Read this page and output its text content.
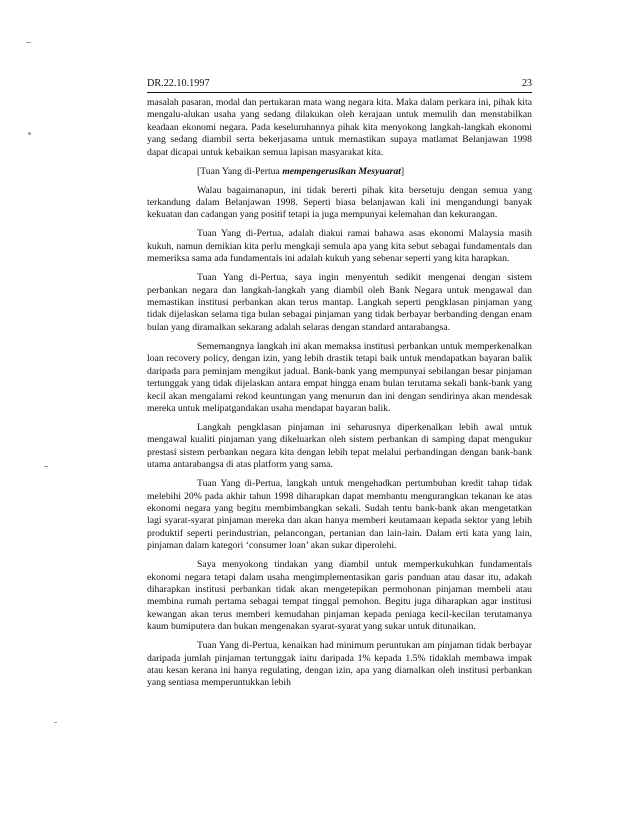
DR.22.10.1997	23

masalah pasaran, modal dan pertukaran mata wang negara kita. Maka dalam perkara ini, pihak kita mengalu-alukan usaha yang sedang dilakukan oleh kerajaan untuk memulih dan menstabilkan keadaan ekonomi negara. Pada keseluruhannya pihak kita menyokong langkah-langkah ekonomi yang sedang diambil serta bekerjasama untuk memastikan supaya matlamat Belanjawan 1998 dapat dicapai untuk kebaikan semua lapisan masyarakat kita.

[Tuan Yang di-Pertua mempengerusikan Mesyuarat]

Walau bagaimanapun, ini tidak bererti pihak kita bersetuju dengan semua yang terkandung dalam Belanjawan 1998. Seperti biasa belanjawan kali ini mengandungi banyak kekuatan dan cadangan yang positif tetapi ia juga mempunyai kelemahan dan kekurangan.

Tuan Yang di-Pertua, adalah diakui ramai bahawa asas ekonomi Malaysia masih kukuh, namun demikian kita perlu mengkaji semula apa yang kita sebut sebagai fundamentals dan memeriksa sama ada fundamentals ini adalah kukuh yang sebenar seperti yang kita harapkan.

Tuan Yang di-Pertua, saya ingin menyentuh sedikit mengenai dengan sistem perbankan negara dan langkah-langkah yang diambil oleh Bank Negara untuk mengawal dan memastikan institusi perbankan akan terus mantap. Langkah seperti pengklasan pinjaman yang tidak dijelaskan selama tiga bulan sebagai pinjaman yang tidak berbayar berbanding dengan enam bulan yang diramalkan sekarang adalah selaras dengan standard antarabangsa.

Sememangnya langkah ini akan memaksa institusi perbankan untuk memperkenalkan loan recovery policy, dengan izin, yang lebih drastik tetapi baik untuk mendapatkan bayaran balik daripada para peminjam mengikut jadual. Bank-bank yang mempunyai sebilangan besar pinjaman tertunggak yang tidak dijelaskan antara empat hingga enam bulan terutama sekali bank-bank yang kecil akan mengalami rekod keuntungan yang menurun dan ini dengan sendirinya akan mendesak mereka untuk melipatgandakan usaha mendapat bayaran balik.

Langkah pengklasan pinjaman ini seharusnya diperkenalkan lebih awal untuk mengawal kualiti pinjaman yang dikeluarkan oleh sistem perbankan di samping dapat mengukur prestasi sistem perbankan negara kita dengan lebih tepat melalui perbandingan dengan bank-bank utama antarabangsa di atas platform yang sama.

Tuan Yang di-Pertua, langkah untuk mengehadkan pertumbuhan kredit tahap tidak melebihi 20% pada akhir tahun 1998 diharapkan dapat membantu mengurangkan tekanan ke atas ekonomi negara yang begitu membimbangkan sekali. Sudah tentu bank-bank akan mengetatkan lagi syarat-syarat pinjaman mereka dan akan hanya memberi keutamaan kepada sektor yang lebih produktif seperti perindustrian, pelancongan, pertanian dan lain-lain. Dalam erti kata yang lain, pinjaman dalam kategori ‘consumer loan’ akan sukar diperolehi.

Saya menyokong tindakan yang diambil untuk memperkukuhkan fundamentals ekonomi negara tetapi dalam usaha mengimplementasikan garis panduan atau dasar itu, adakah diharapkan institusi perbankan tidak akan mengetepikan permohonan pinjaman membeli atau membina rumah pertama sebagai tempat tinggal pemohon. Begitu juga diharapkan agar institusi kewangan akan terus memberi kemudahan pinjaman kepada peniaga kecil-kecilan terutamanya kaum bumiputera dan bukan mengenakan syarat-syarat yang sukar untuk ditunaikan.

Tuan Yang di-Pertua, kenaikan had minimum peruntukan am pinjaman tidak berbayar daripada jumlah pinjaman tertunggak iaitu daripada 1% kepada 1.5% tidaklah membawa impak atau kesan kerana ini hanya regulating, dengan izin, apa yang diamalkan oleh institusi perbankan yang sentiasa memperuntukkan lebih
